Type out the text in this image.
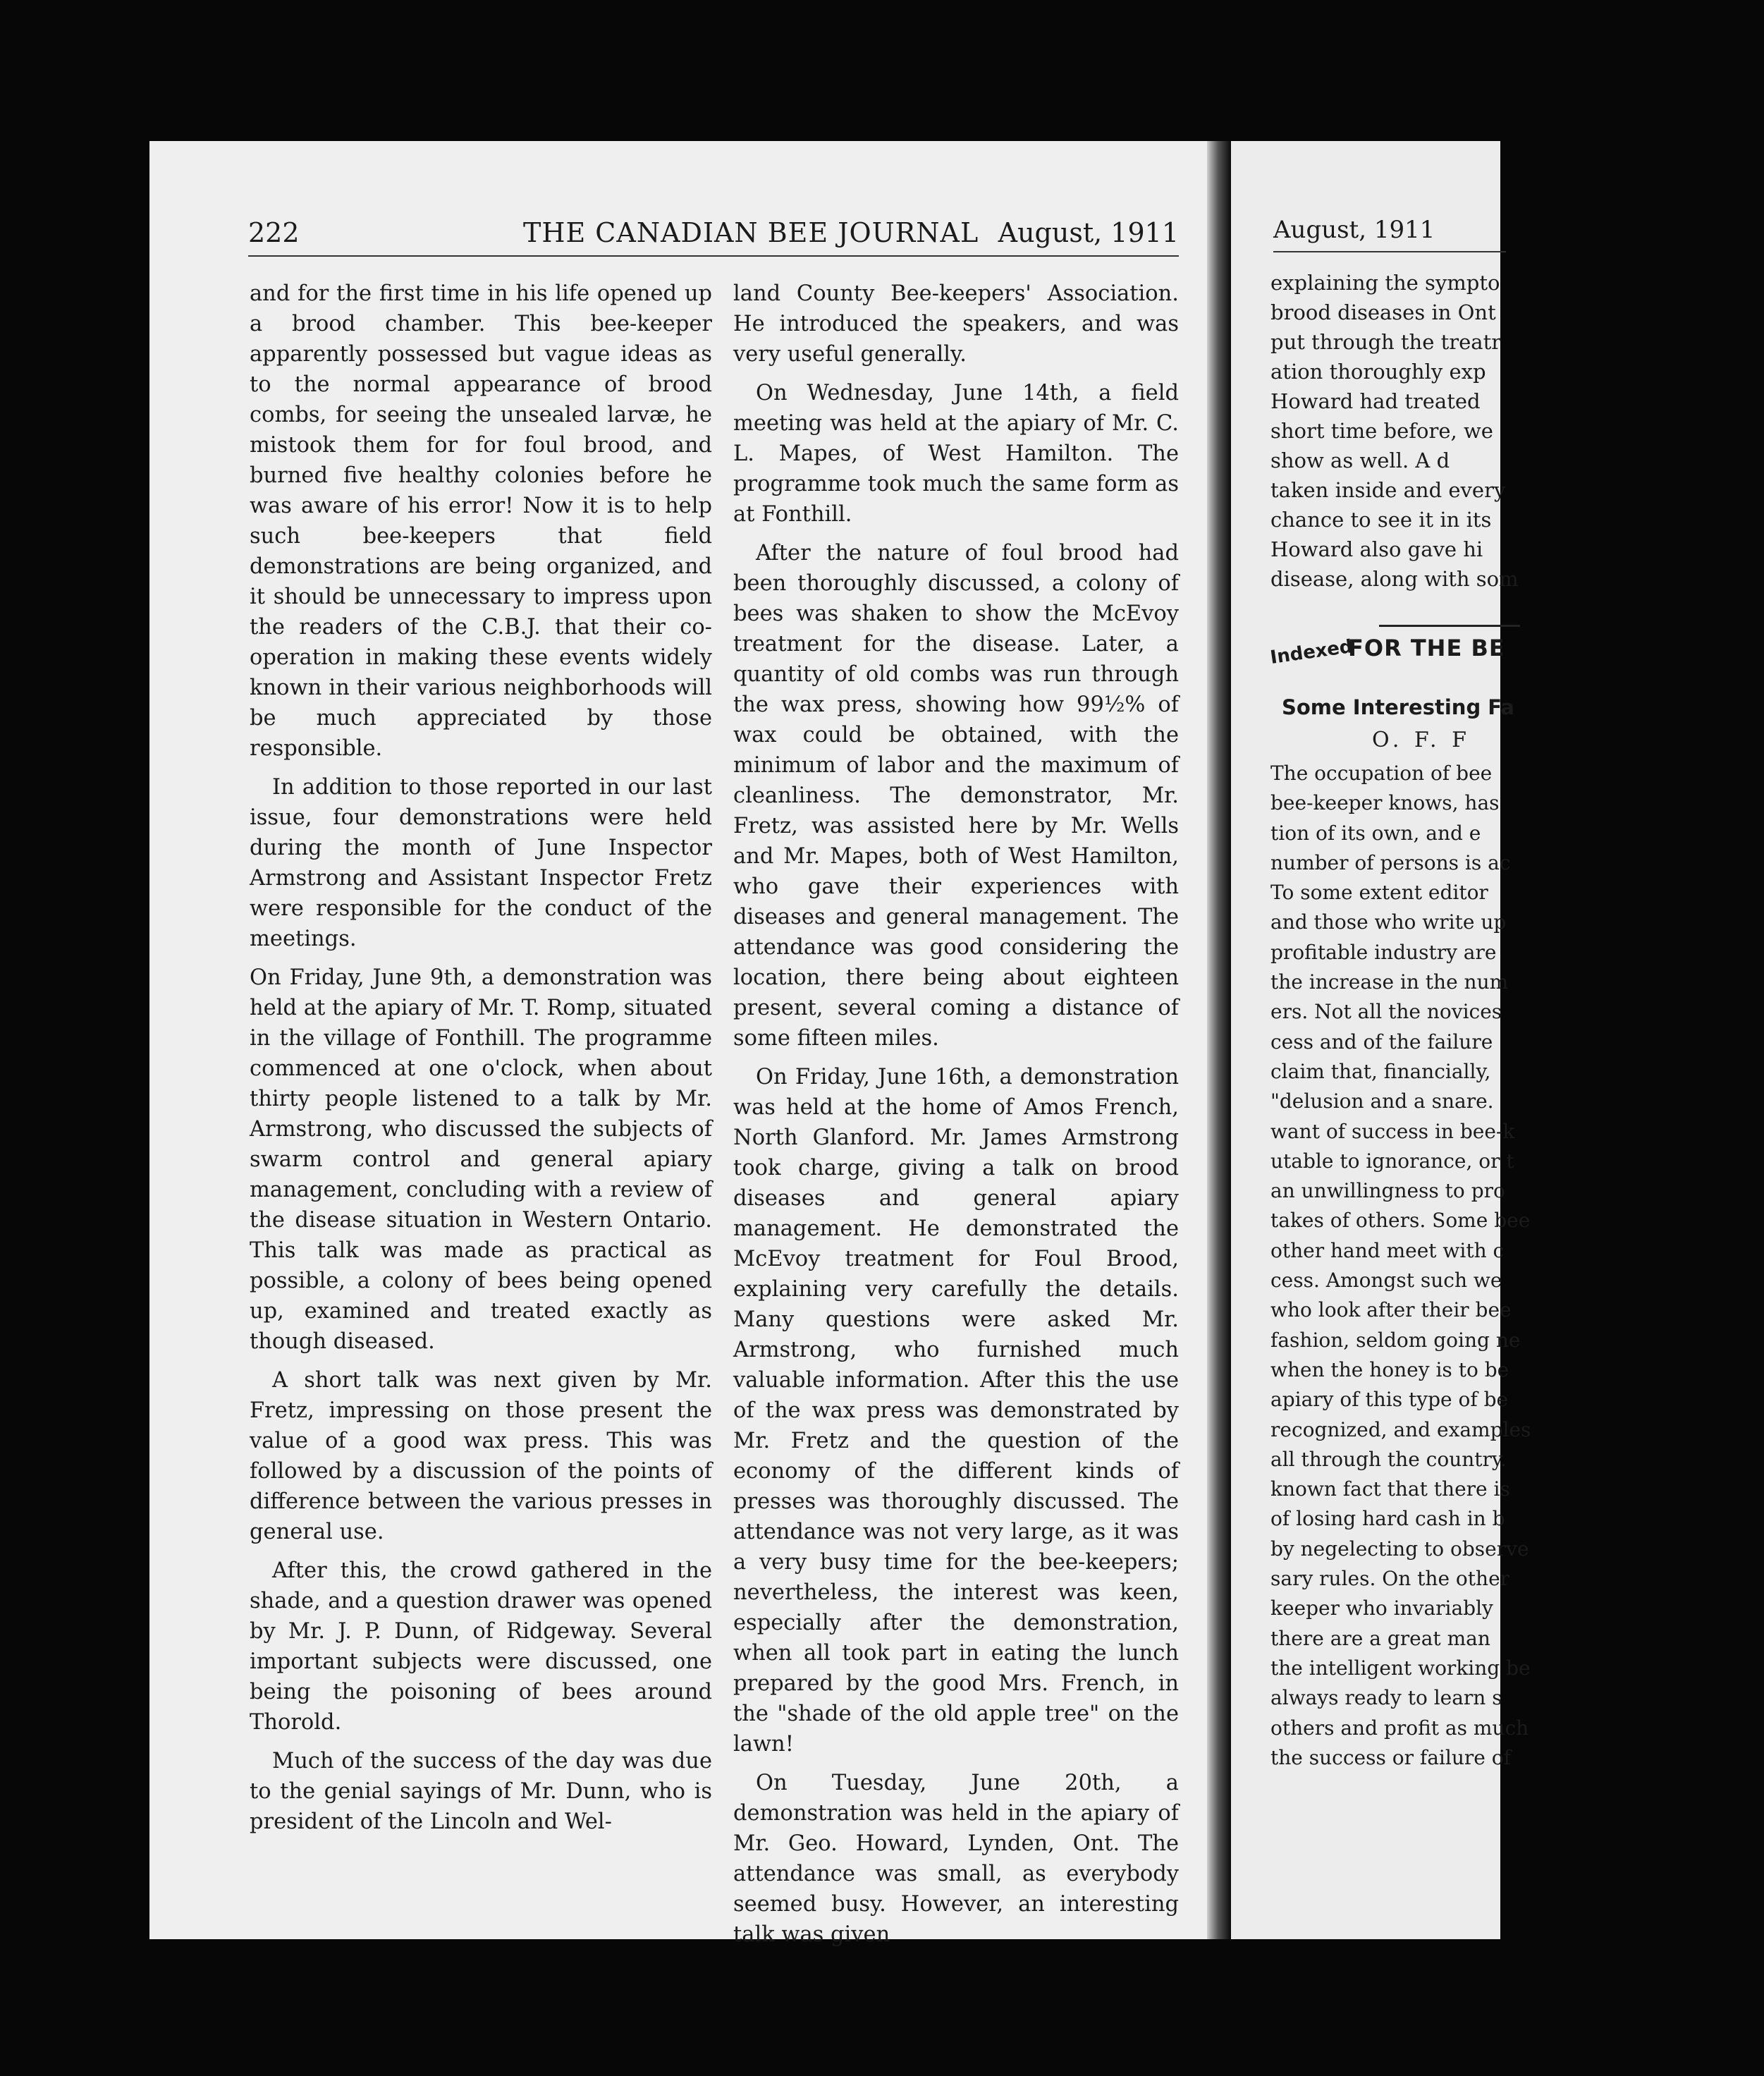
222	THE CANADIAN BEE JOURNAL August, 1911

and for the first time in his life opened up a brood chamber. This bee-keeper apparently possessed but vague ideas as to the normal appearance of brood combs, for seeing the unsealed larvæ, he mistook them for for foul brood, and burned five healthy colonies before he was aware of his error! Now it is to help such bee-keepers that field demonstrations are being organized, and it should be unnecessary to impress upon the readers of the C.B.J. that their co-operation in making these events widely known in their various neighborhoods will be much appreciated by those responsible.

In addition to those reported in our last issue, four demonstrations were held during the month of June Inspector Armstrong and Assistant Inspector Fretz were responsible for the conduct of the meetings.

On Friday, June 9th, a demonstration was held at the apiary of Mr. T. Romp, situated in the village of Fonthill. The programme commenced at one o'clock, when about thirty people listened to a talk by Mr. Armstrong, who discussed the subjects of swarm control and general apiary management, concluding with a review of the disease situation in Western Ontario. This talk was made as practical as possible, a colony of bees being opened up, examined and treated exactly as though diseased.

A short talk was next given by Mr. Fretz, impressing on those present the value of a good wax press. This was followed by a discussion of the points of difference between the various presses in general use.

After this, the crowd gathered in the shade, and a question drawer was opened by Mr. J. P. Dunn, of Ridgeway. Several important subjects were discussed, one being the poisoning of bees around Thorold.

Much of the success of the day was due to the genial sayings of Mr. Dunn, who is president of the Lincoln and Wel-

land County Bee-keepers' Association. He introduced the speakers, and was very useful generally.

On Wednesday, June 14th, a field meeting was held at the apiary of Mr. C. L. Mapes, of West Hamilton. The programme took much the same form as at Fonthill.

After the nature of foul brood had been thoroughly discussed, a colony of bees was shaken to show the McEvoy treatment for the disease. Later, a quantity of old combs was run through the wax press, showing how 99½% of wax could be obtained, with the minimum of labor and the maximum of cleanliness. The demonstrator, Mr. Fretz, was assisted here by Mr. Wells and Mr. Mapes, both of West Hamilton, who gave their experiences with diseases and general management. The attendance was good considering the location, there being about eighteen present, several coming a distance of some fifteen miles.

On Friday, June 16th, a demonstration was held at the home of Amos French, North Glanford. Mr. James Armstrong took charge, giving a talk on brood diseases and general apiary management. He demonstrated the McEvoy treatment for Foul Brood, explaining very carefully the details. Many questions were asked Mr. Armstrong, who furnished much valuable information. After this the use of the wax press was demonstrated by Mr. Fretz and the question of the economy of the different kinds of presses was thoroughly discussed. The attendance was not very large, as it was a very busy time for the bee-keepers; nevertheless, the interest was keen, especially after the demonstration, when all took part in eating the lunch prepared by the good Mrs. French, in the "shade of the old apple tree" on the lawn!

On Tuesday, June 20th, a demonstration was held in the apiary of Mr. Geo. Howard, Lynden, Ont. The attendance was small, as everybody seemed busy. However, an interesting talk was given

August, 1911
explaining the sympto
brood diseases in Ont
put through the treatr
ation thoroughly exp
Howard had treated
short time before, we
show as well. A d
taken inside and every
chance to see it in its
Howard also gave hi
disease, along with som
Indexed
FOR THE BE
Some Interesting Fa
O. F. F
The occupation of bee
bee-keeper knows, has
tion of its own, and e
number of persons is ac
To some extent editor
and those who write up
profitable industry are
the increase in the num
ers. Not all the novices
cess and of the failure
claim that, financially,
"delusion and a snare.
want of success in bee-k
utable to ignorance, or t
an unwillingness to pro
takes of others. Some bee
other hand meet with c
cess. Amongst such we
who look after their bee
fashion, seldom going ne
when the honey is to be
apiary of this type of be
recognized, and examples
all through the country.
known fact that there is
of losing hard cash in b
by negelecting to observe
sary rules. On the other
keeper who invariably
there are a great man
the intelligent working be
always ready to learn s
others and profit as much
the success or failure of
